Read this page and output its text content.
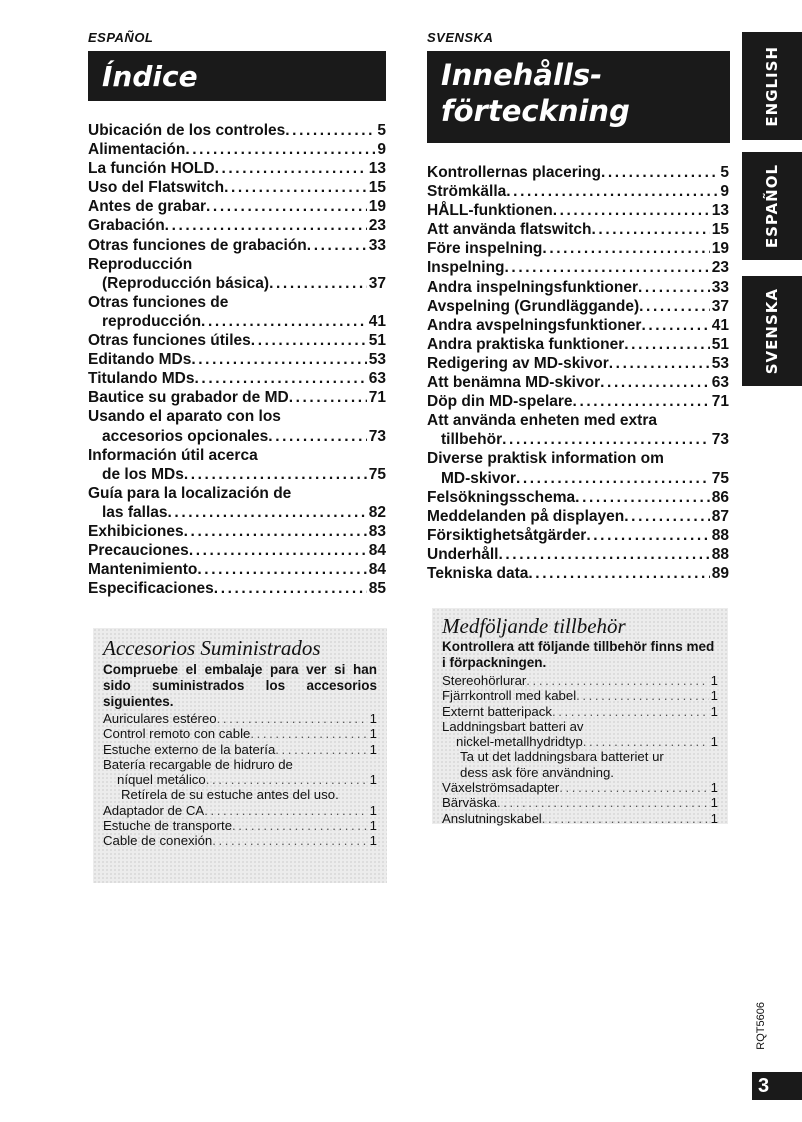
ESPAÑOL
Índice
Ubicación de los controles .....	5
Alimentación .....	9
La función HOLD .....	13
Uso del Flatswitch .....	15
Antes de grabar .....	19
Grabación .....	23
Otras funciones de grabación .....	33
Reproducción
(Reproducción básica) .....	37
Otras funciones de
reproducción .....	41
Otras funciones útiles .....	51
Editando MDs .....	53
Titulando MDs .....	63
Bautice su grabador de MD .....	71
Usando el aparato con los
accesorios opcionales .....	73
Información útil acerca
de los MDs .....	75
Guía para la localización de
las fallas .....	82
Exhibiciones .....	83
Precauciones .....	84
Mantenimiento .....	84
Especificaciones .....	85
Accesorios Suministrados
Compruebe el embalaje para ver si han sido suministrados los accesorios siguientes.
Auriculares estéreo .....	1
Control remoto con cable .....	1
Estuche externo de la batería .....	1
Batería recargable de hidruro de
níquel metálico .....	1
Retírela de su estuche antes del uso.
Adaptador de CA .....	1
Estuche de transporte .....	1
Cable de conexión .....	1
SVENSKA
Innehålls-
förteckning
Kontrollernas placering .....	5
Strömkälla .....	9
HÅLL-funktionen .....	13
Att använda flatswitch .....	15
Före inspelning .....	19
Inspelning .....	23
Andra inspelningsfunktioner .....	33
Avspelning (Grundläggande) .....	37
Andra avspelningsfunktioner .....	41
Andra praktiska funktioner .....	51
Redigering av MD-skivor .....	53
Att benämna MD-skivor .....	63
Döp din MD-spelare .....	71
Att använda enheten med extra
tillbehör .....	73
Diverse praktisk information om
MD-skivor .....	75
Felsökningsschema .....	86
Meddelanden på displayen .....	87
Försiktighetsåtgärder .....	88
Underhåll .....	88
Tekniska data .....	89
Medföljande tillbehör
Kontrollera att följande tillbehör finns med i förpackningen.
Stereohörlurar .....	1
Fjärrkontroll med kabel .....	1
Externt batteripack .....	1
Laddningsbart batteri av
nickel-metallhydridtyp .....	1
Ta ut det laddningsbara batteriet ur
dess ask före användning.
Växelströmsadapter .....	1
Bärväska .....	1
Anslutningskabel .....	1
ENGLISH
ESPAÑOL
SVENSKA
RQT5606
3
